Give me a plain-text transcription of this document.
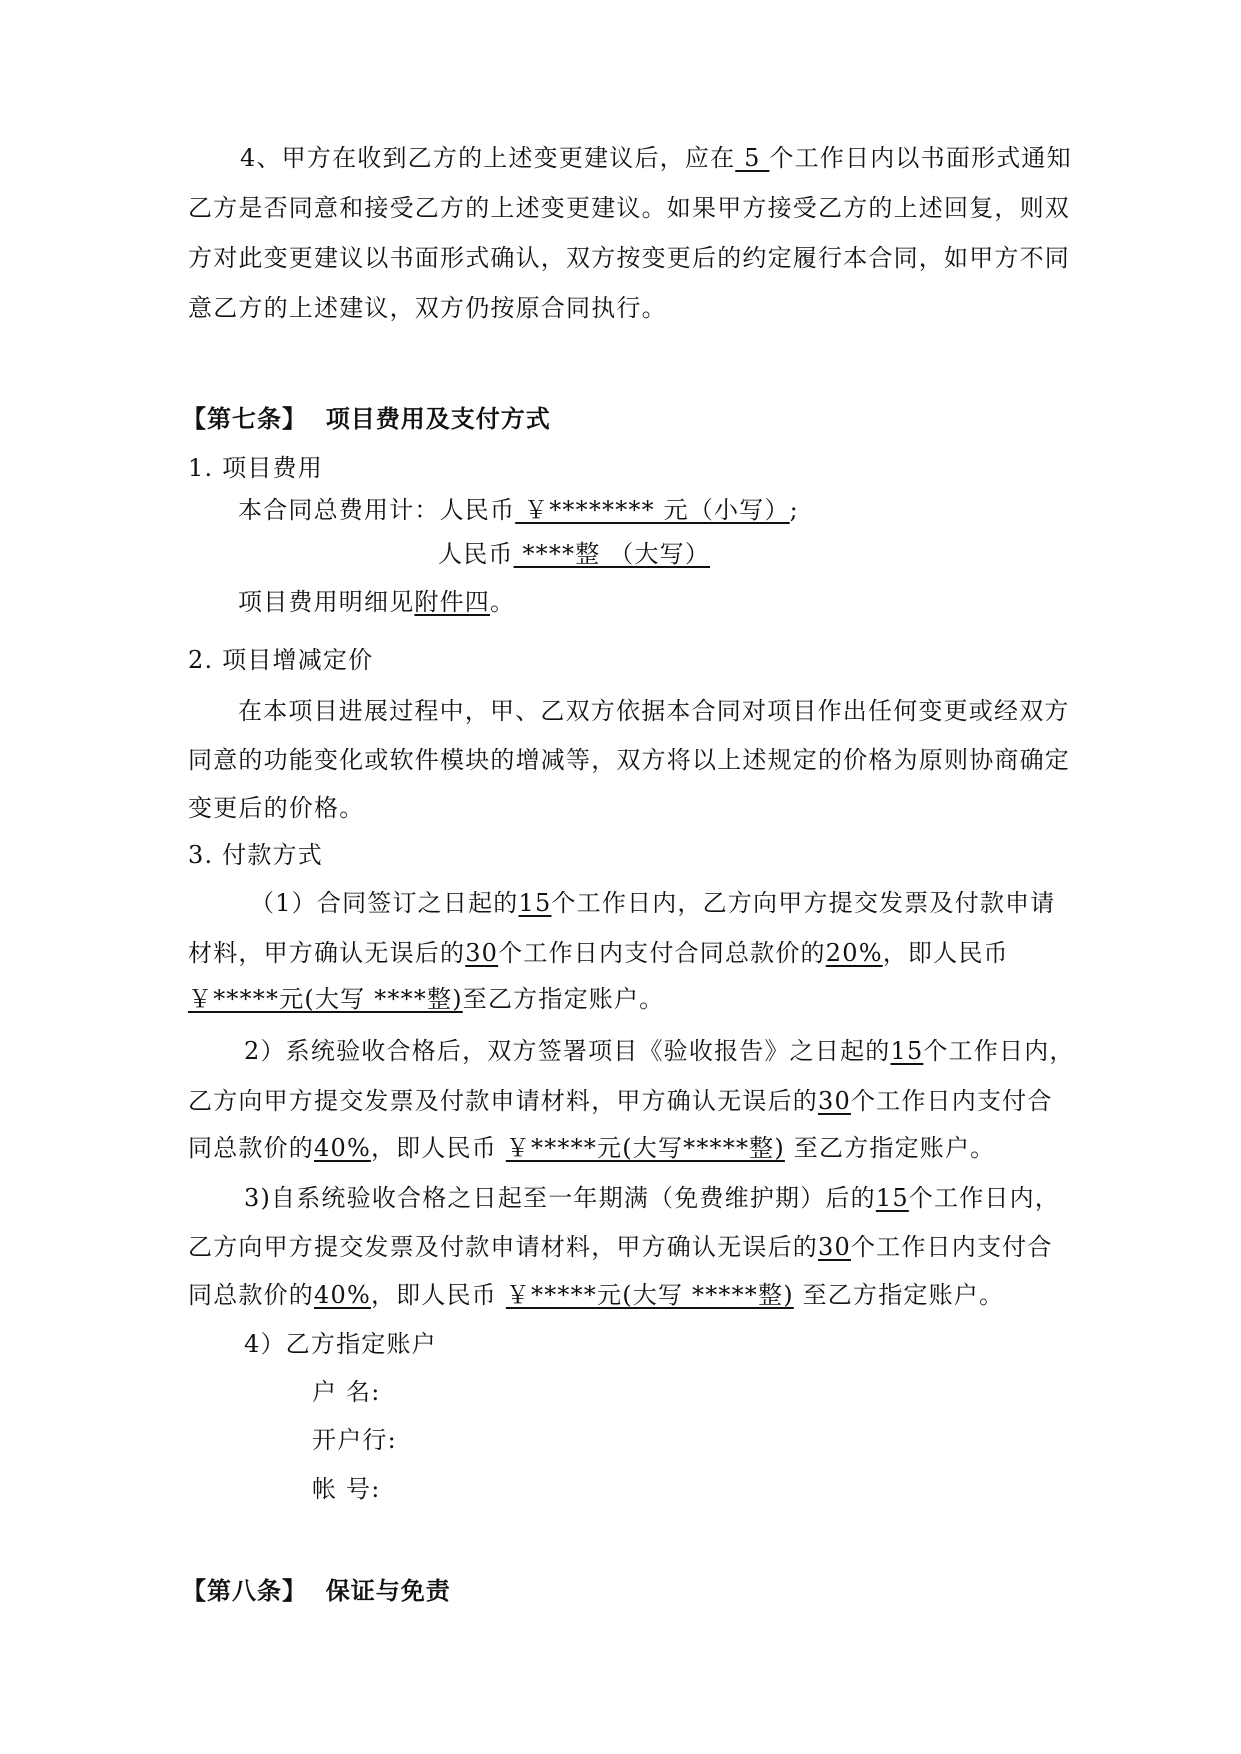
4、甲方在收到乙方的上述变更建议后，应在 5 个工作日内以书面形式通知
乙方是否同意和接受乙方的上述变更建议。如果甲方接受乙方的上述回复，则双
方对此变更建议以书面形式确认，双方按变更后的约定履行本合同，如甲方不同
意乙方的上述建议，双方仍按原合同执行。
【第七条】 项目费用及支付方式
1. 项目费用
本合同总费用计：人民币 ￥******** 元（小写）;
人民币 ****整 （大写）
项目费用明细见附件四。
2. 项目增减定价
在本项目进展过程中，甲、乙双方依据本合同对项目作出任何变更或经双方
同意的功能变化或软件模块的增减等，双方将以上述规定的价格为原则协商确定
变更后的价格。
3. 付款方式
（1）合同签订之日起的15个工作日内，乙方向甲方提交发票及付款申请
材料，甲方确认无误后的30个工作日内支付合同总款价的20%，即人民币
￥*****元(大写 ****整)至乙方指定账户。
2）系统验收合格后，双方签署项目《验收报告》之日起的15个工作日内，
乙方向甲方提交发票及付款申请材料，甲方确认无误后的30个工作日内支付合
同总款价的40%，即人民币 ￥*****元(大写*****整) 至乙方指定账户。
3)自系统验收合格之日起至一年期满（免费维护期）后的15个工作日内，
乙方向甲方提交发票及付款申请材料，甲方确认无误后的30个工作日内支付合
同总款价的40%，即人民币 ￥*****元(大写 *****整) 至乙方指定账户。
4）乙方指定账户
户 名:
开户行:
帐 号:
【第八条】 保证与免责
